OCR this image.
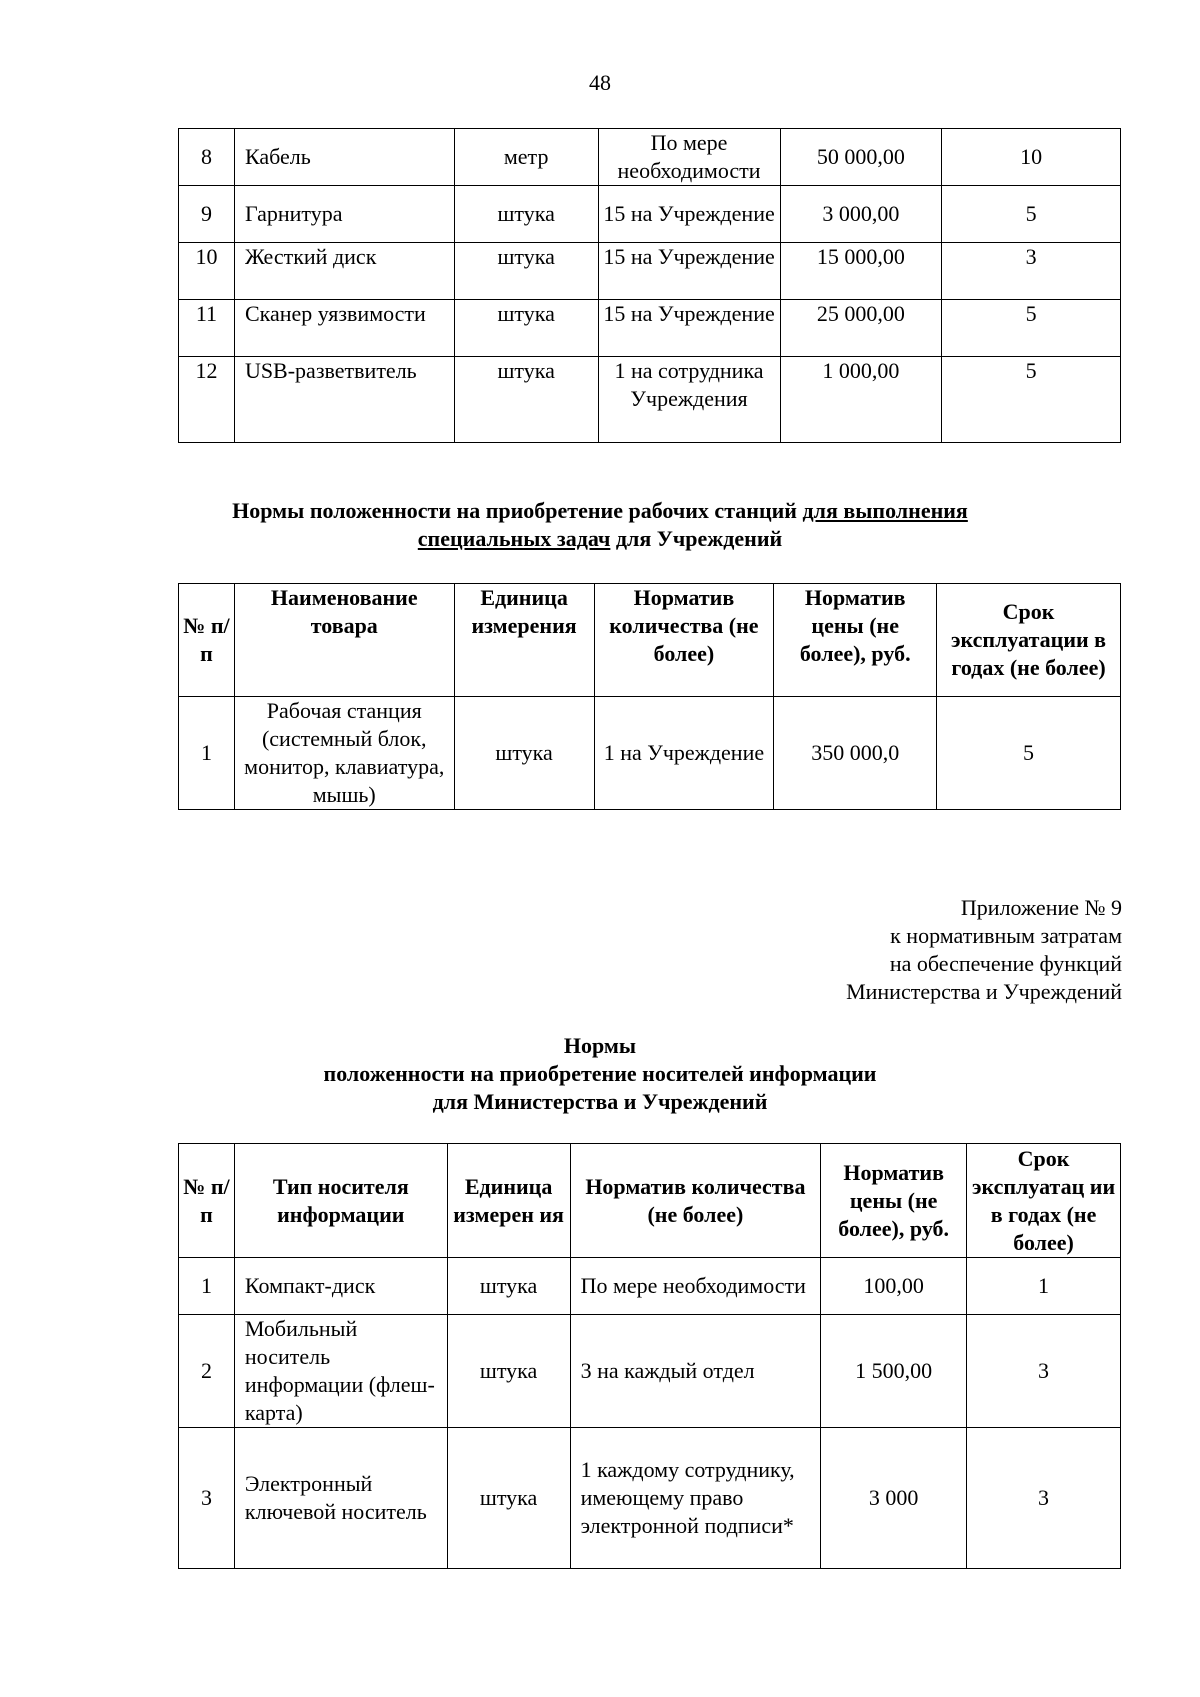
48
8	Кабель	метр	По мере необходимости	50 000,00	10
9	Гарнитура	штука	15 на Учреждение	3 000,00	5
10	Жесткий диск	штука	15 на Учреждение	15 000,00	3
11	Сканер уязвимости	штука	15 на Учреждение	25 000,00	5
12	USB-разветвитель	штука	1 на сотрудника Учреждения	1 000,00	5
Нормы положенности на приобретение рабочих станций для выполнения
специальных задач для Учреждений
№ п/п	Наименование товара	Единица измерения	Норматив количества (не более)	Норматив цены (не более), руб.	Срок эксплуатации в годах (не более)
1	Рабочая станция (системный блок, монитор, клавиатура, мышь)	штука	1 на Учреждение	350 000,0	5
Приложение № 9
к нормативным затратам
на обеспечение функций
Министерства и Учреждений
Нормы
положенности на приобретение носителей информации
для Министерства и Учреждений
№ п/п	Тип носителя информации	Единица измерен ия	Норматив количества (не более)	Норматив цены (не более), руб.	Срок эксплуатац ии в годах (не более)
1	Компакт-диск	штука	По мере необходимости	100,00	1
2	Мобильный носитель информации (флеш-карта)	штука	3 на каждый отдел	1 500,00	3
3	Электронный ключевой носитель	штука	1 каждому сотруднику, имеющему право электронной подписи*	3 000	3
